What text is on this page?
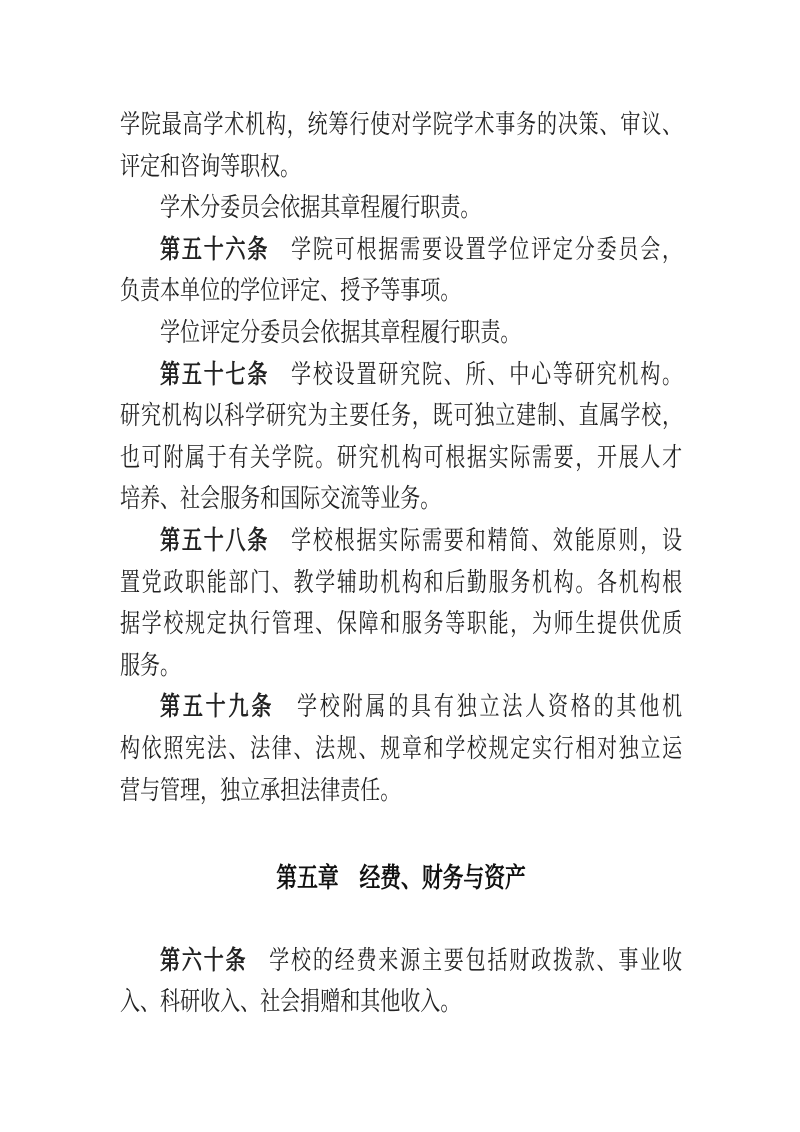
学院最高学术机构，统筹行使对学院学术事务的决策、审议、
评定和咨询等职权。
学术分委员会依据其章程履行职责。
第五十六条　学院可根据需要设置学位评定分委员会，
负责本单位的学位评定、授予等事项。
学位评定分委员会依据其章程履行职责。
第五十七条　学校设置研究院、所、中心等研究机构。
研究机构以科学研究为主要任务，既可独立建制、直属学校，
也可附属于有关学院。研究机构可根据实际需要，开展人才
培养、社会服务和国际交流等业务。
第五十八条　学校根据实际需要和精简、效能原则，设
置党政职能部门、教学辅助机构和后勤服务机构。各机构根
据学校规定执行管理、保障和服务等职能，为师生提供优质
服务。
第五十九条　学校附属的具有独立法人资格的其他机
构依照宪法、法律、法规、规章和学校规定实行相对独立运
营与管理，独立承担法律责任。
第五章　经费、财务与资产
第六十条　学校的经费来源主要包括财政拨款、事业收
入、科研收入、社会捐赠和其他收入。
